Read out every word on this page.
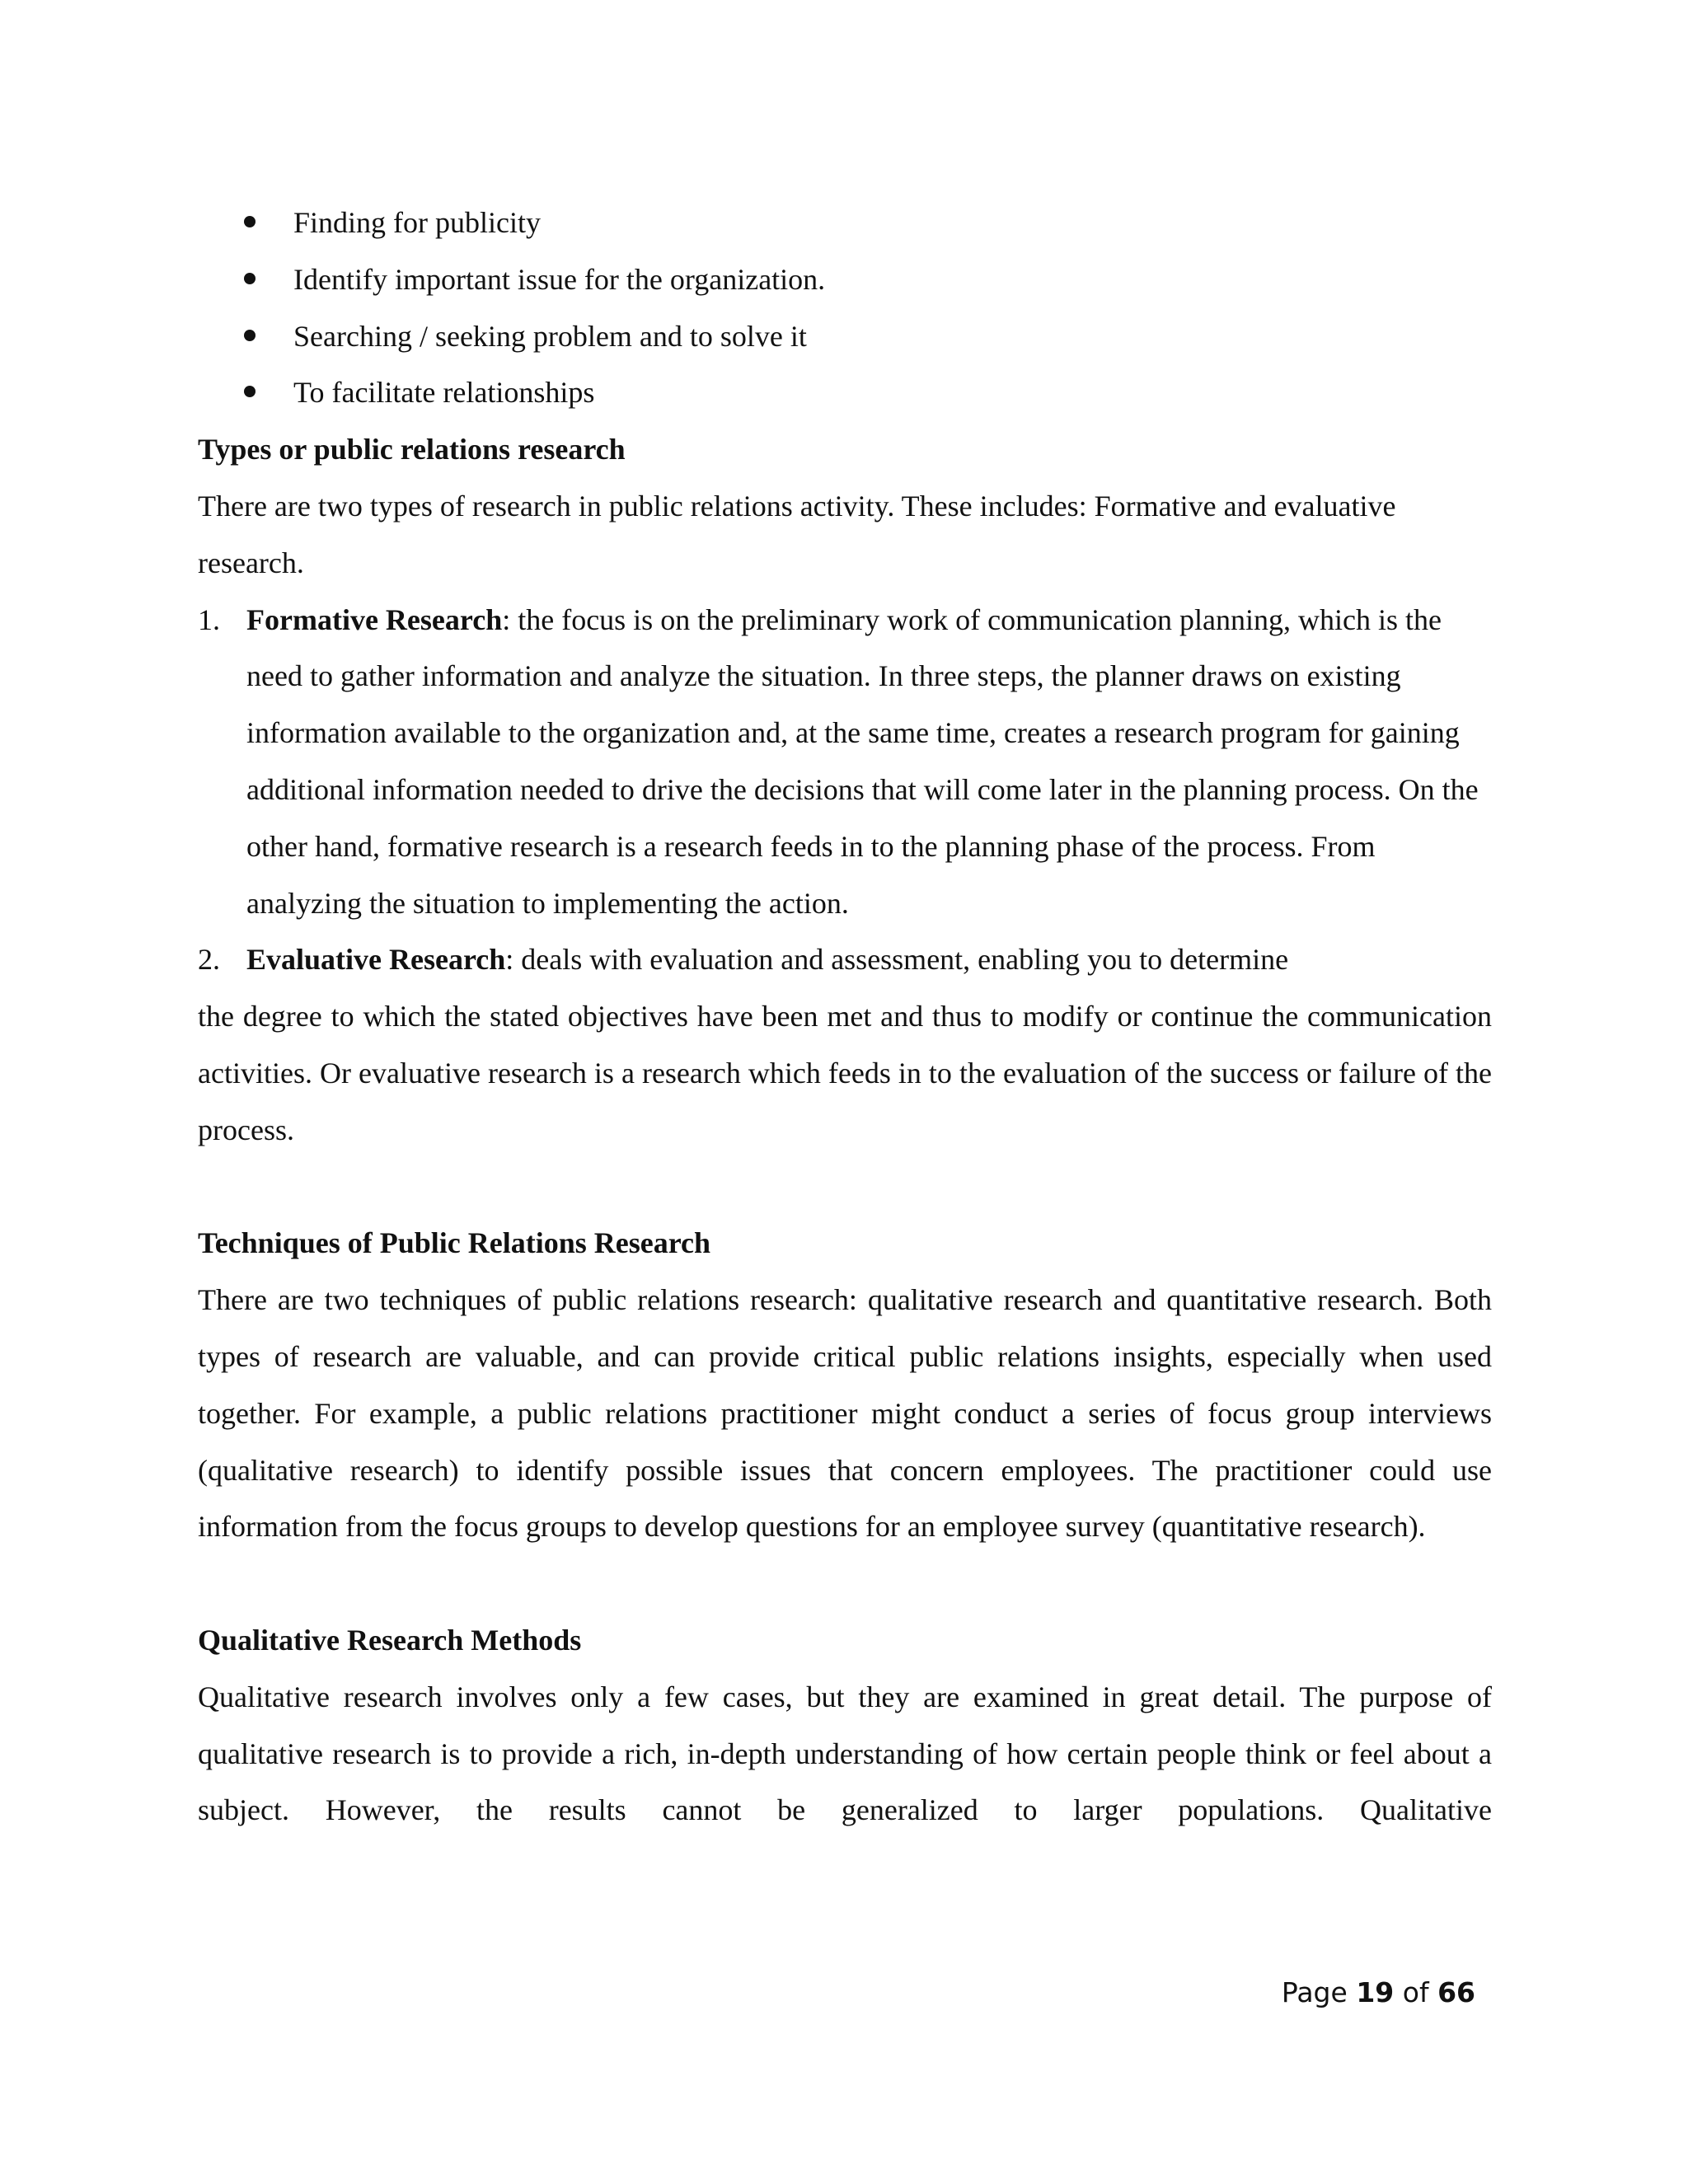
Finding for publicity
Identify important issue for the organization.
Searching / seeking problem and to solve it
To facilitate relationships

Types or public relations research

There are two types of research in public relations activity. These includes: Formative and evaluative research.

1. Formative Research: the focus is on the preliminary work of communication planning, which is the need to gather information and analyze the situation. In three steps, the planner draws on existing information available to the organization and, at the same time, creates a research program for gaining additional information needed to drive the decisions that will come later in the planning process. On the other hand, formative research is a research feeds in to the planning phase of the process. From analyzing the situation to implementing the action.

2. Evaluative Research: deals with evaluation and assessment, enabling you to determine

the degree to which the stated objectives have been met and thus to modify or continue the communication activities. Or evaluative research is a research which feeds in to the evaluation of the success or failure of the process.

Techniques of Public Relations Research

There are two techniques of public relations research: qualitative research and quantitative research. Both types of research are valuable, and can provide critical public relations insights, especially when used together. For example, a public relations practitioner might conduct a series of focus group interviews (qualitative research) to identify possible issues that concern employees. The practitioner could use information from the focus groups to develop questions for an employee survey (quantitative research).

Qualitative Research Methods

Qualitative research involves only a few cases, but they are examined in great detail. The purpose of qualitative research is to provide a rich, in-depth understanding of how certain people think or feel about a subject. However, the results cannot be generalized to larger populations. Qualitative

Page 19 of 66
